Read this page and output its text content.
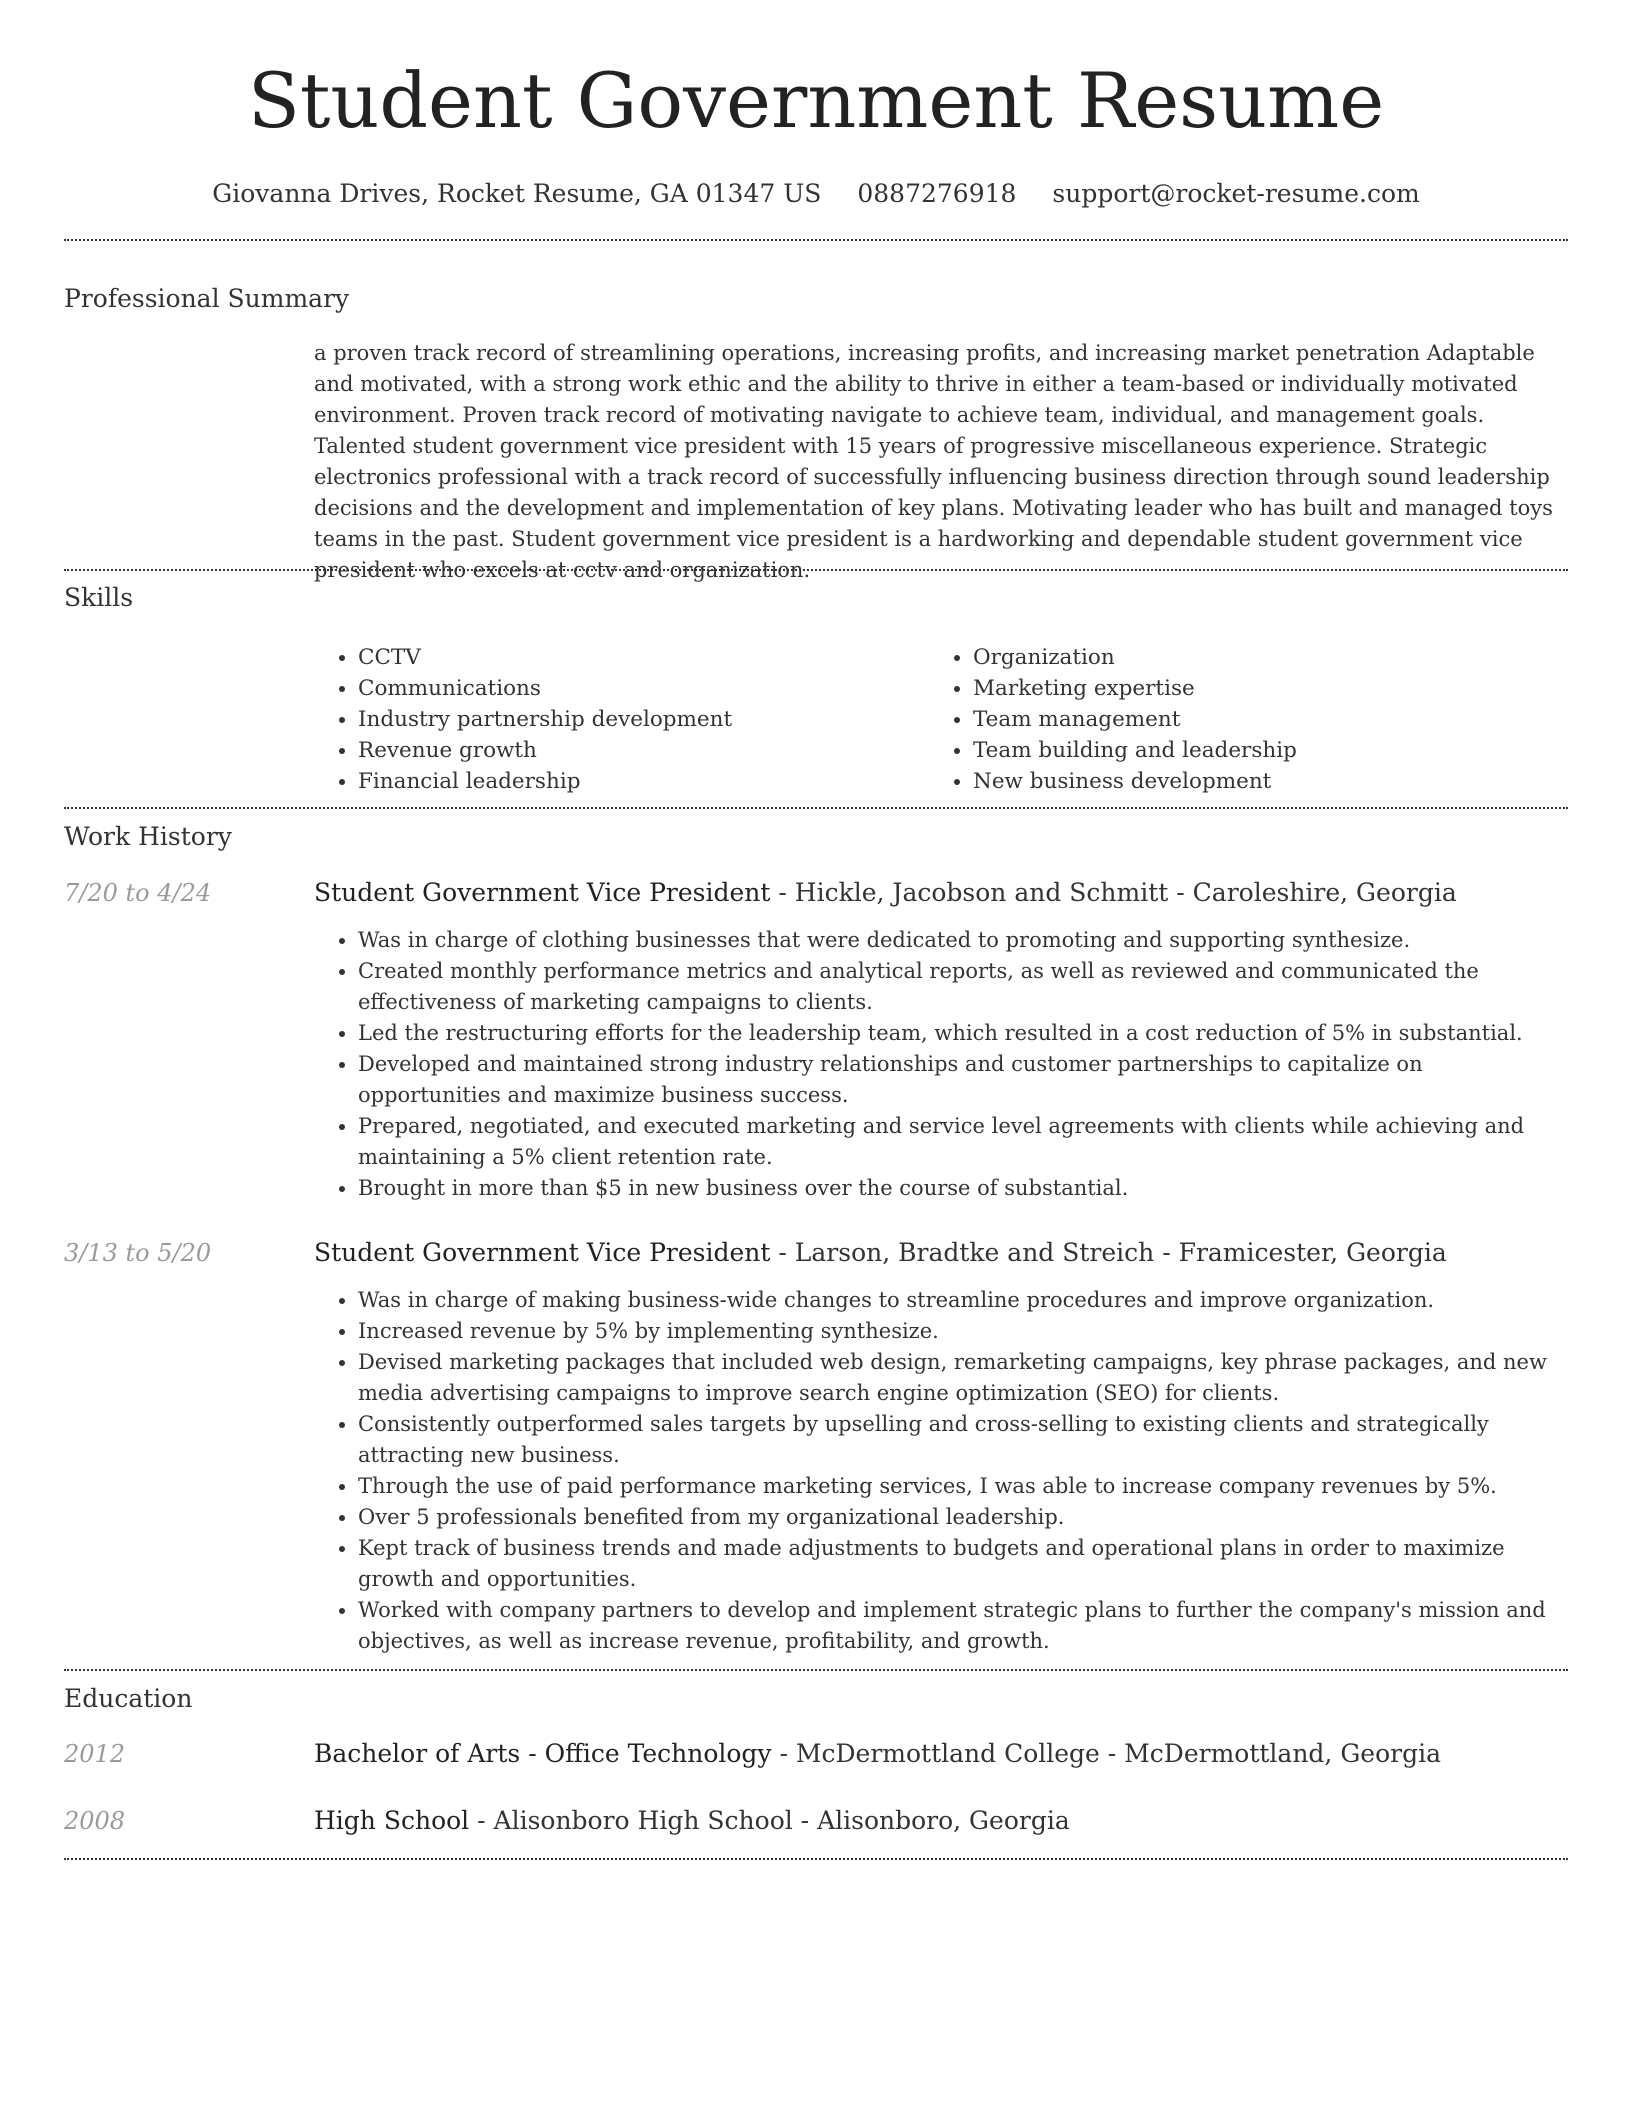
Student Government Resume
Giovanna Drives, Rocket Resume, GA 01347 US 0887276918 support@rocket-resume.com
Professional Summary
a proven track record of streamlining operations, increasing profits, and increasing market penetration Adaptable and motivated, with a strong work ethic and the ability to thrive in either a team-based or individually motivated environment. Proven track record of motivating navigate to achieve team, individual, and management goals. Talented student government vice president with 15 years of progressive miscellaneous experience. Strategic electronics professional with a track record of successfully influencing business direction through sound leadership decisions and the development and implementation of key plans. Motivating leader who has built and managed toys teams in the past. Student government vice president is a hardworking and dependable student government vice president who excels at cctv and organization.
Skills
• CCTV
• Communications
• Industry partnership development
• Revenue growth
• Financial leadership
• Organization
• Marketing expertise
• Team management
• Team building and leadership
• New business development
Work History
7/20 to 4/24	Student Government Vice President - Hickle, Jacobson and Schmitt - Caroleshire, Georgia
• Was in charge of clothing businesses that were dedicated to promoting and supporting synthesize.
• Created monthly performance metrics and analytical reports, as well as reviewed and communicated the effectiveness of marketing campaigns to clients.
• Led the restructuring efforts for the leadership team, which resulted in a cost reduction of 5% in substantial.
• Developed and maintained strong industry relationships and customer partnerships to capitalize on opportunities and maximize business success.
• Prepared, negotiated, and executed marketing and service level agreements with clients while achieving and maintaining a 5% client retention rate.
• Brought in more than $5 in new business over the course of substantial.
3/13 to 5/20	Student Government Vice President - Larson, Bradtke and Streich - Framicester, Georgia
• Was in charge of making business-wide changes to streamline procedures and improve organization.
• Increased revenue by 5% by implementing synthesize.
• Devised marketing packages that included web design, remarketing campaigns, key phrase packages, and new media advertising campaigns to improve search engine optimization (SEO) for clients.
• Consistently outperformed sales targets by upselling and cross-selling to existing clients and strategically attracting new business.
• Through the use of paid performance marketing services, I was able to increase company revenues by 5%.
• Over 5 professionals benefited from my organizational leadership.
• Kept track of business trends and made adjustments to budgets and operational plans in order to maximize growth and opportunities.
• Worked with company partners to develop and implement strategic plans to further the company's mission and objectives, as well as increase revenue, profitability, and growth.
Education
2012	Bachelor of Arts - Office Technology - McDermottland College - McDermottland, Georgia
2008	High School - Alisonboro High School - Alisonboro, Georgia
